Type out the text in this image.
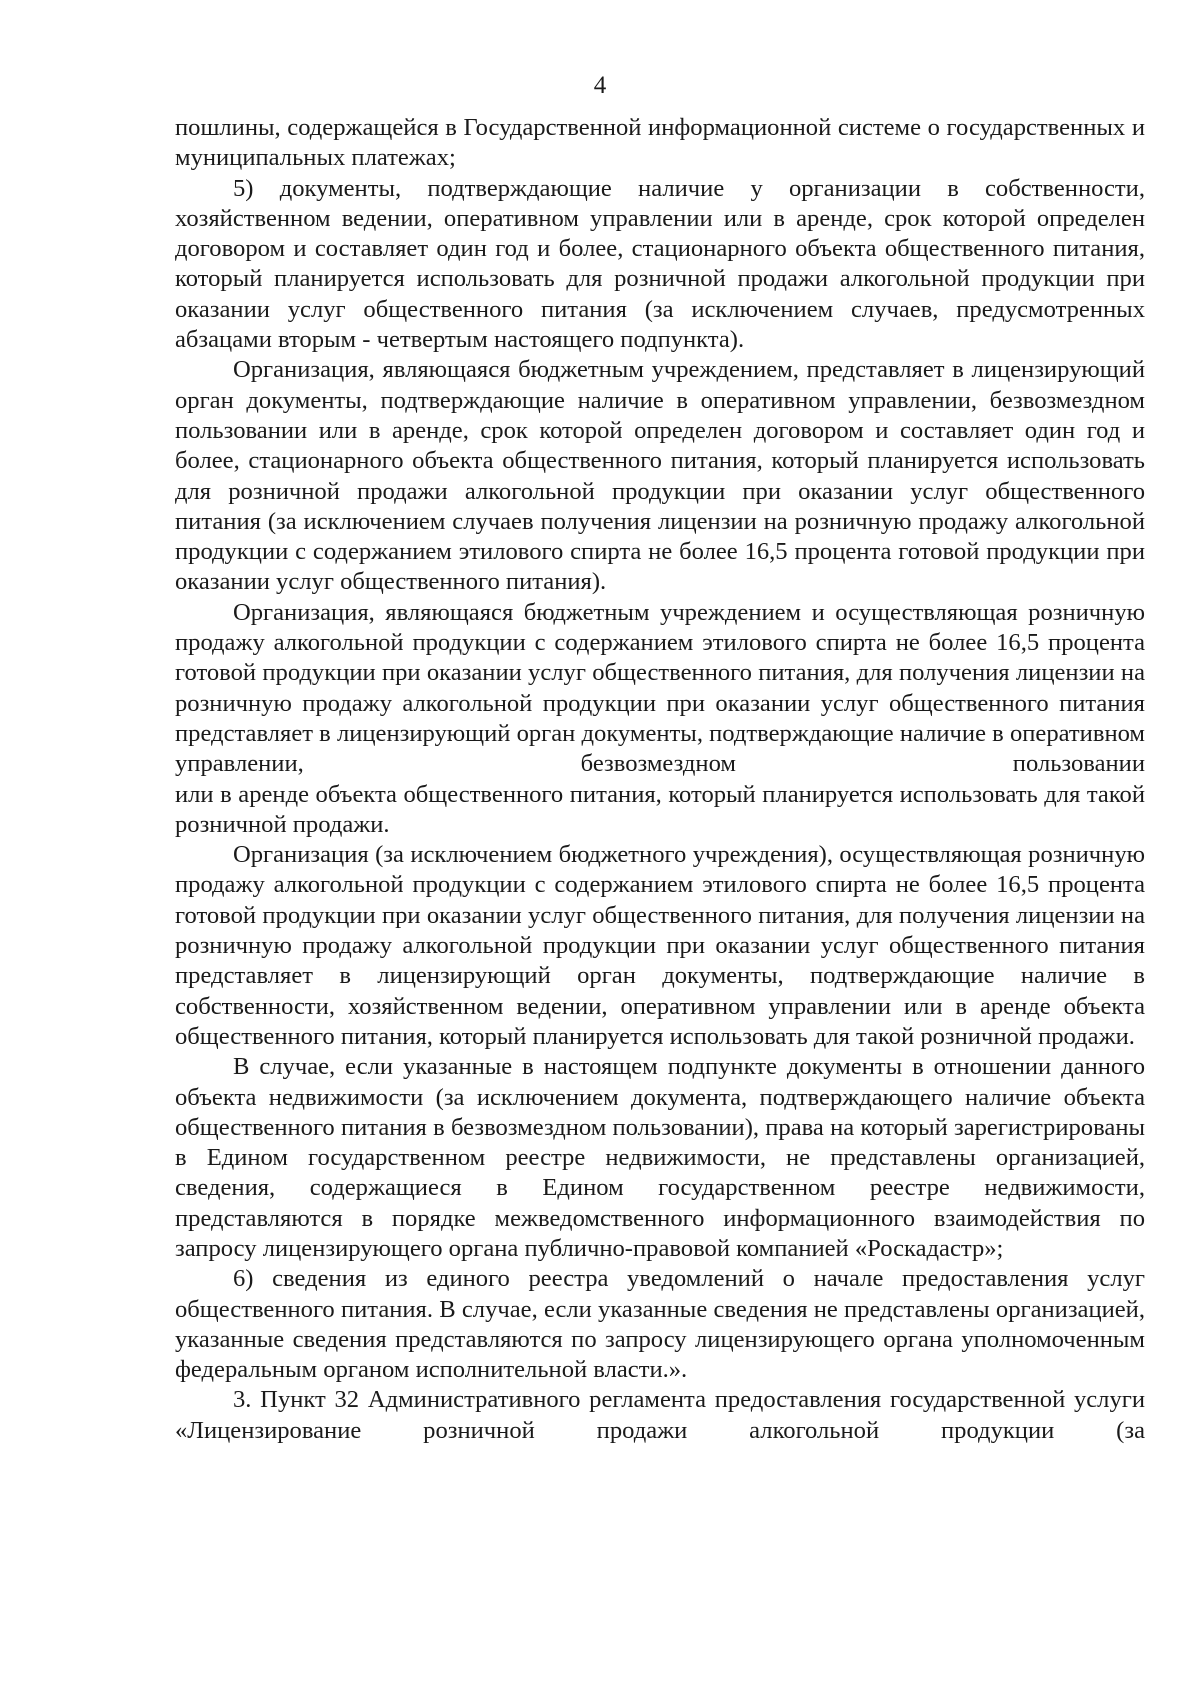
4

пошлины, содержащейся в Государственной информационной системе о государственных и муниципальных платежах;

5) документы, подтверждающие наличие у организации в собственности, хозяйственном ведении, оперативном управлении или в аренде, срок которой определен договором и составляет один год и более, стационарного объекта общественного питания, который планируется использовать для розничной продажи алкогольной продукции при оказании услуг общественного питания (за исключением случаев, предусмотренных абзацами вторым - четвертым настоящего подпункта).

Организация, являющаяся бюджетным учреждением, представляет в лицензирующий орган документы, подтверждающие наличие в оперативном управлении, безвозмездном пользовании или в аренде, срок которой определен договором и составляет один год и более, стационарного объекта общественного питания, который планируется использовать для розничной продажи алкогольной продукции при оказании услуг общественного питания (за исключением случаев получения лицензии на розничную продажу алкогольной продукции с содержанием этилового спирта не более 16,5 процента готовой продукции при оказании услуг общественного питания).

Организация, являющаяся бюджетным учреждением и осуществляющая розничную продажу алкогольной продукции с содержанием этилового спирта не более 16,5 процента готовой продукции при оказании услуг общественного питания, для получения лицензии на розничную продажу алкогольной продукции при оказании услуг общественного питания представляет в лицензирующий орган документы, подтверждающие наличие в оперативном управлении, безвозмездном пользовании

или в аренде объекта общественного питания, который планируется использовать для такой розничной продажи.

Организация (за исключением бюджетного учреждения), осуществляющая розничную продажу алкогольной продукции с содержанием этилового спирта не более 16,5 процента готовой продукции при оказании услуг общественного питания, для получения лицензии на розничную продажу алкогольной продукции при оказании услуг общественного питания представляет в лицензирующий орган документы, подтверждающие наличие в собственности, хозяйственном ведении, оперативном управлении или в аренде объекта общественного питания, который планируется использовать для такой розничной продажи.

В случае, если указанные в настоящем подпункте документы в отношении данного объекта недвижимости (за исключением документа, подтверждающего наличие объекта общественного питания в безвозмездном пользовании), права на который зарегистрированы в Едином государственном реестре недвижимости, не представлены организацией, сведения, содержащиеся в Едином государственном реестре недвижимости, представляются в порядке межведомственного информационного взаимодействия по запросу лицензирующего органа публично-правовой компанией «Роскадастр»;

6) сведения из единого реестра уведомлений о начале предоставления услуг общественного питания. В случае, если указанные сведения не представлены организацией, указанные сведения представляются по запросу лицензирующего органа уполномоченным федеральным органом исполнительной власти.».

3. Пункт 32 Административного регламента предоставления государственной услуги «Лицензирование розничной продажи алкогольной продукции (за
